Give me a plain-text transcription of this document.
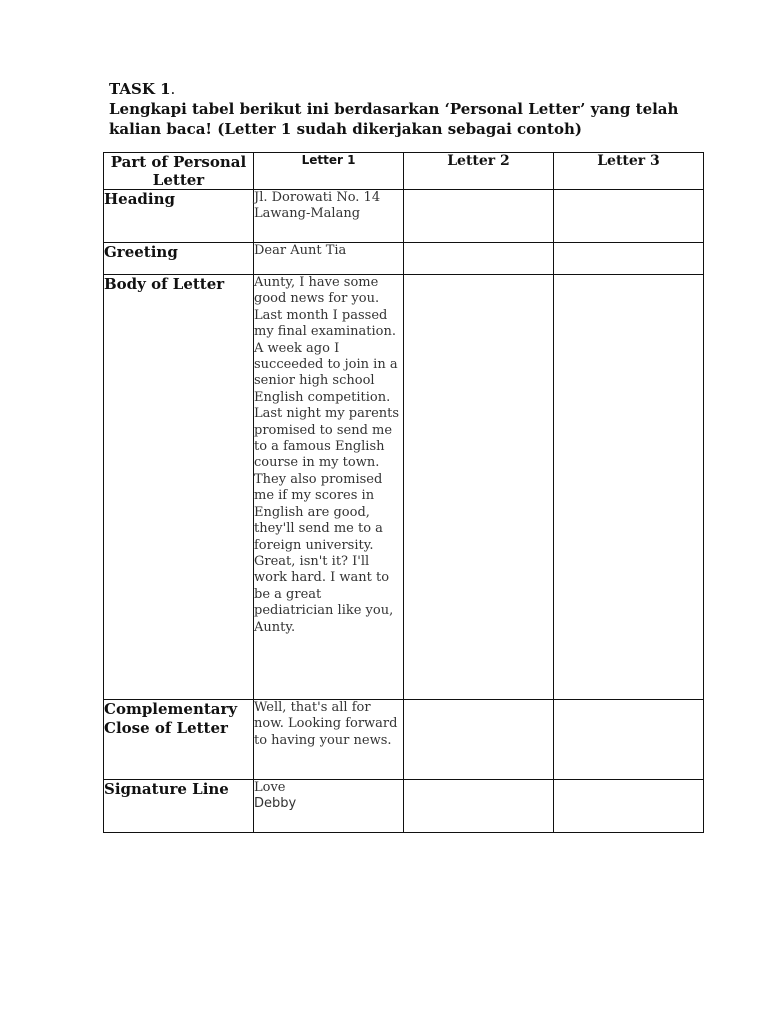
TASK 1.
Lengkapi tabel berikut ini berdasarkan ‘Personal Letter’ yang telah kalian baca! (Letter 1 sudah dikerjakan sebagai contoh)
Part of Personal Letter	Letter 1	Letter 2	Letter 3
Heading	Jl. Dorowati No. 14
Lawang-Malang		

Greeting	Dear Aunt Tia		
Body of Letter	Aunty, I have some good news for you. Last month I passed my final examination. A week ago I succeeded to join in a senior high school English competition. Last night my parents promised to send me to a famous English course in my town. They also promised me if my scores in English are good, they'll send me to a foreign university. Great, isn't it? I'll work hard. I want to be a great pediatrician like you, Aunty.		
Complementary Close of Letter	Well, that's all for now. Looking forward to having your news.		
Signature Line	Love
Debby		
